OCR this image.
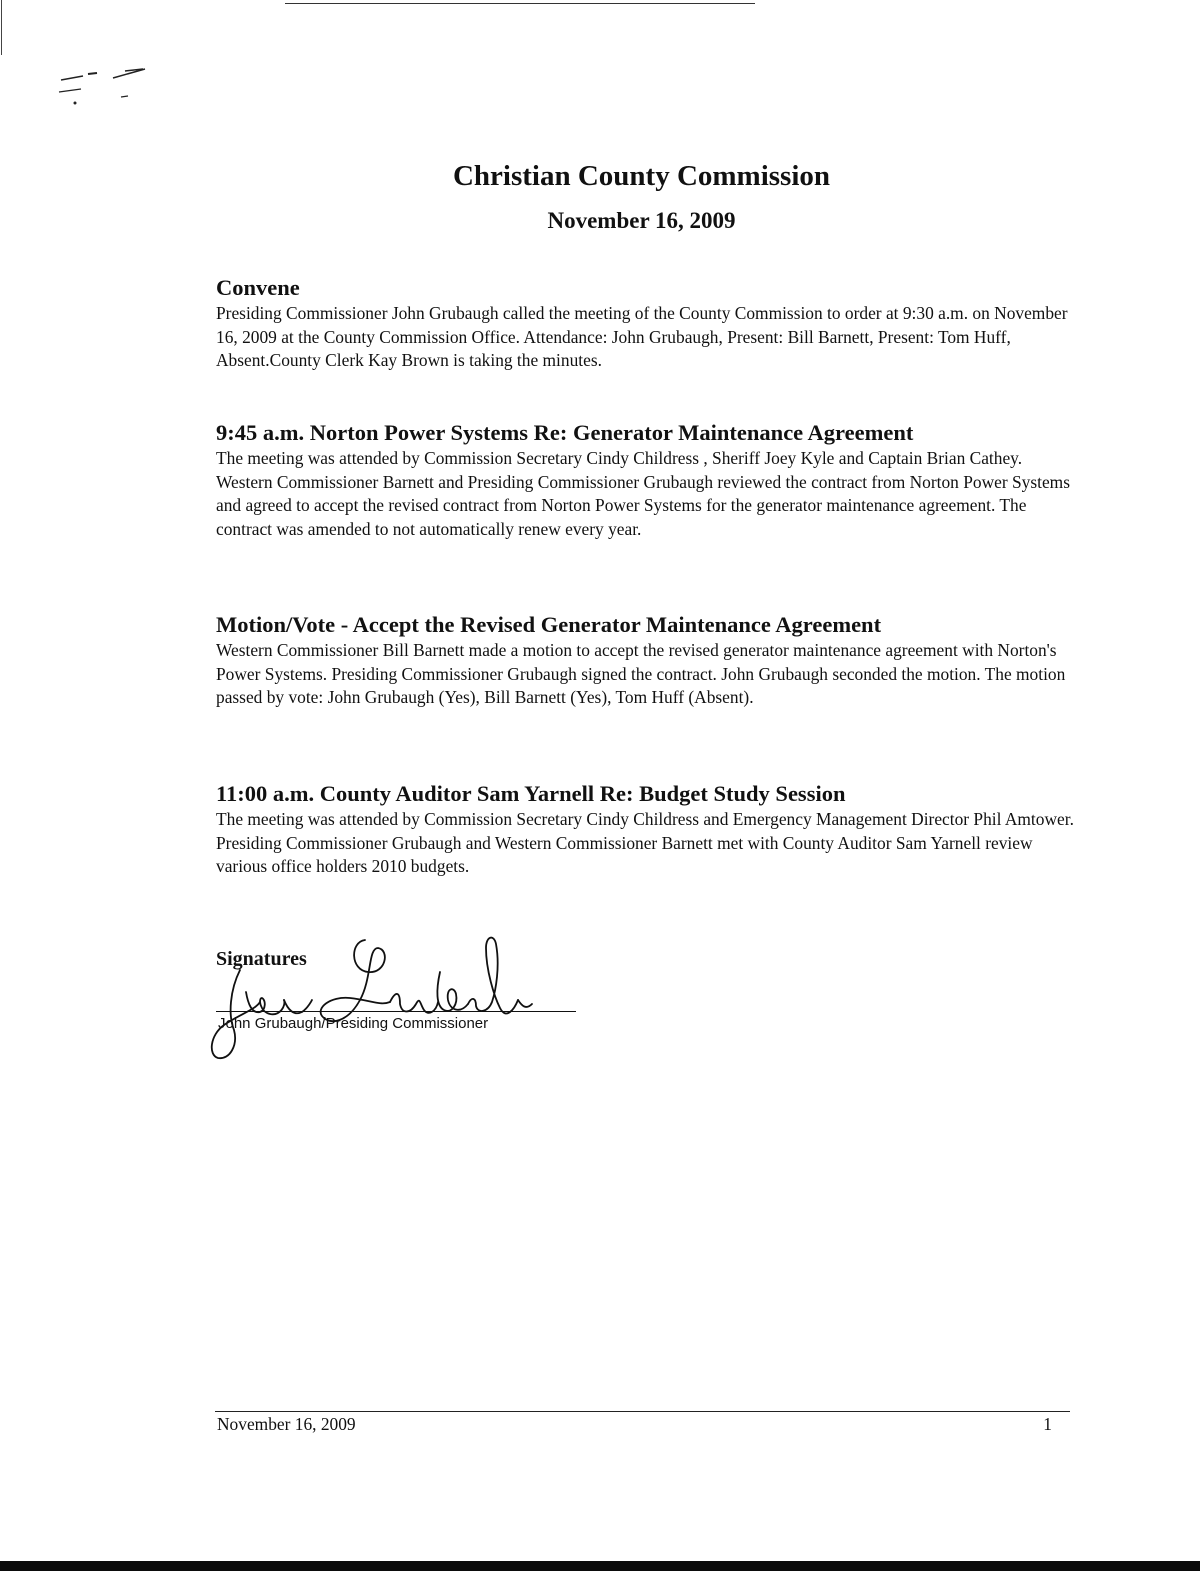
Christian County Commission
November 16, 2009
Convene

Presiding Commissioner John Grubaugh called the meeting of the County Commission to order at 9:30 a.m. on November 16, 2009 at the County Commission Office. Attendance: John Grubaugh, Present: Bill Barnett, Present: Tom Huff, Absent.County Clerk Kay Brown is taking the minutes.

9:45 a.m. Norton Power Systems Re: Generator Maintenance Agreement

The meeting was attended by Commission Secretary Cindy Childress , Sheriff Joey Kyle and Captain Brian Cathey.

Western Commissioner Barnett and Presiding Commissioner Grubaugh reviewed the contract from Norton Power Systems and agreed to accept the revised contract from Norton Power Systems for the generator maintenance agreement. The contract was amended to not automatically renew every year.

Motion/Vote - Accept the Revised Generator Maintenance Agreement

Western Commissioner Bill Barnett made a motion to accept the revised generator maintenance agreement with Norton's Power Systems. Presiding Commissioner Grubaugh signed the contract. John Grubaugh seconded the motion. The motion passed by vote: John Grubaugh (Yes), Bill Barnett (Yes), Tom Huff (Absent).

11:00 a.m. County Auditor Sam Yarnell Re: Budget Study Session

The meeting was attended by Commission Secretary Cindy Childress and Emergency Management Director Phil Amtower.

Presiding Commissioner Grubaugh and Western Commissioner Barnett met with County Auditor Sam Yarnell review various office holders 2010 budgets.

Signatures
John Grubaugh/Presiding Commissioner
November 16, 2009	1
